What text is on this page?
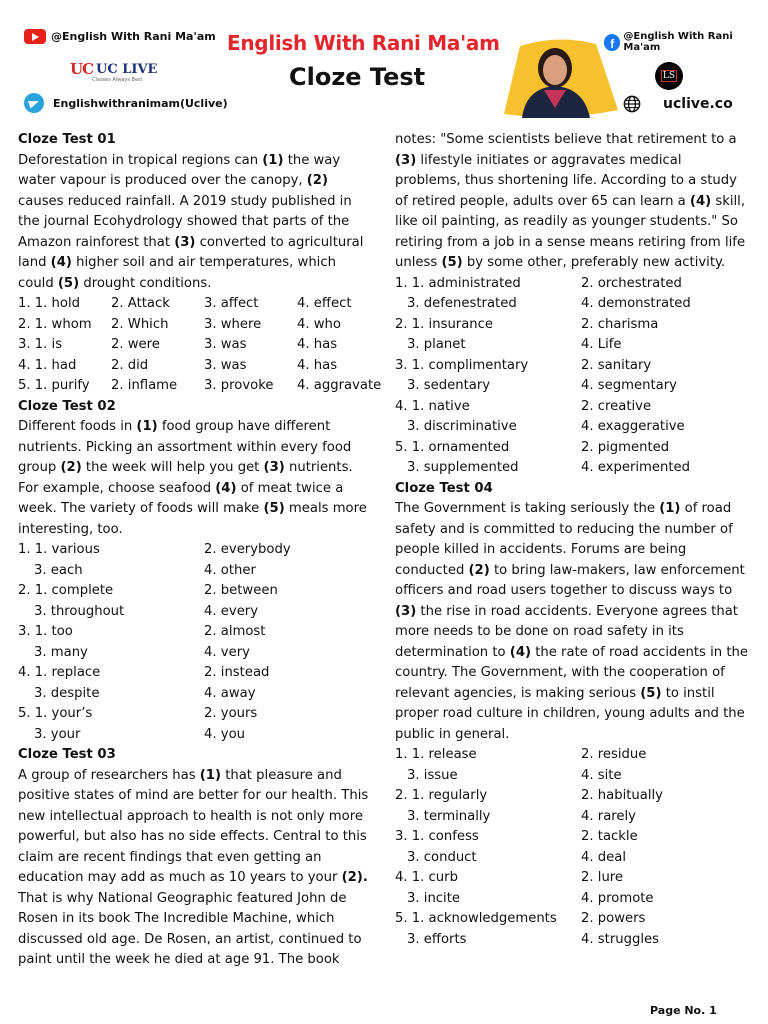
@English With Rani Ma'am
UC UC LIVE
Classes Always Best
Englishwithranimam(Uclive)
English With Rani Ma'am
Cloze Test
f @English With Rani Ma'am
LS
uclive.co
Cloze Test 01
Deforestation in tropical regions can (1) the way water vapour is produced over the canopy, (2) causes reduced rainfall. A 2019 study published in the journal Ecohydrology showed that parts of the Amazon rainforest that (3) converted to agricultural land (4) higher soil and air temperatures, which could (5) drought conditions.
1. 1. hold	2. Attack	3. affect	4. effect
2. 1. whom	2. Which	3. where	4. who
3. 1. is	2. were	3. was	4. has
4. 1. had	2. did	3. was	4. has
5. 1. purify	2. inflame	3. provoke	4. aggravate
Cloze Test 02
Different foods in (1) food group have different nutrients. Picking an assortment within every food group (2) the week will help you get (3) nutrients. For example, choose seafood (4) of meat twice a week. The variety of foods will make (5) meals more interesting, too.
1. 1. various	2. everybody
3. each	4. other
2. 1. complete	2. between
3. throughout	4. every
3. 1. too	2. almost
3. many	4. very
4. 1. replace	2. instead
3. despite	4. away
5. 1. your’s	2. yours
3. your	4. you
Cloze Test 03
A group of researchers has (1) that pleasure and positive states of mind are better for our health. This new intellectual approach to health is not only more powerful, but also has no side effects. Central to this claim are recent findings that even getting an education may add as much as 10 years to your (2). That is why National Geographic featured John de Rosen in its book The Incredible Machine, which discussed old age. De Rosen, an artist, continued to paint until the week he died at age 91. The book
notes: "Some scientists believe that retirement to a (3) lifestyle initiates or aggravates medical problems, thus shortening life. According to a study of retired people, adults over 65 can learn a (4) skill, like oil painting, as readily as younger students." So retiring from a job in a sense means retiring from life unless (5) by some other, preferably new activity.
1. 1. administrated	2. orchestrated
3. defenestrated	4. demonstrated
2. 1. insurance	2. charisma
3. planet	4. Life
3. 1. complimentary	2. sanitary
3. sedentary	4. segmentary
4. 1. native	2. creative
3. discriminative	4. exaggerative
5. 1. ornamented	2. pigmented
3. supplemented	4. experimented
Cloze Test 04
The Government is taking seriously the (1) of road safety and is committed to reducing the number of people killed in accidents. Forums are being conducted (2) to bring law-makers, law enforcement officers and road users together to discuss ways to (3) the rise in road accidents. Everyone agrees that more needs to be done on road safety in its determination to (4) the rate of road accidents in the country. The Government, with the cooperation of relevant agencies, is making serious (5) to instil proper road culture in children, young adults and the public in general.
1. 1. release	2. residue
3. issue	4. site
2. 1. regularly	2. habitually
3. terminally	4. rarely
3. 1. confess	2. tackle
3. conduct	4. deal
4. 1. curb	2. lure
3. incite	4. promote
5. 1. acknowledgements	2. powers
3. efforts	4. struggles
Page No. 1
